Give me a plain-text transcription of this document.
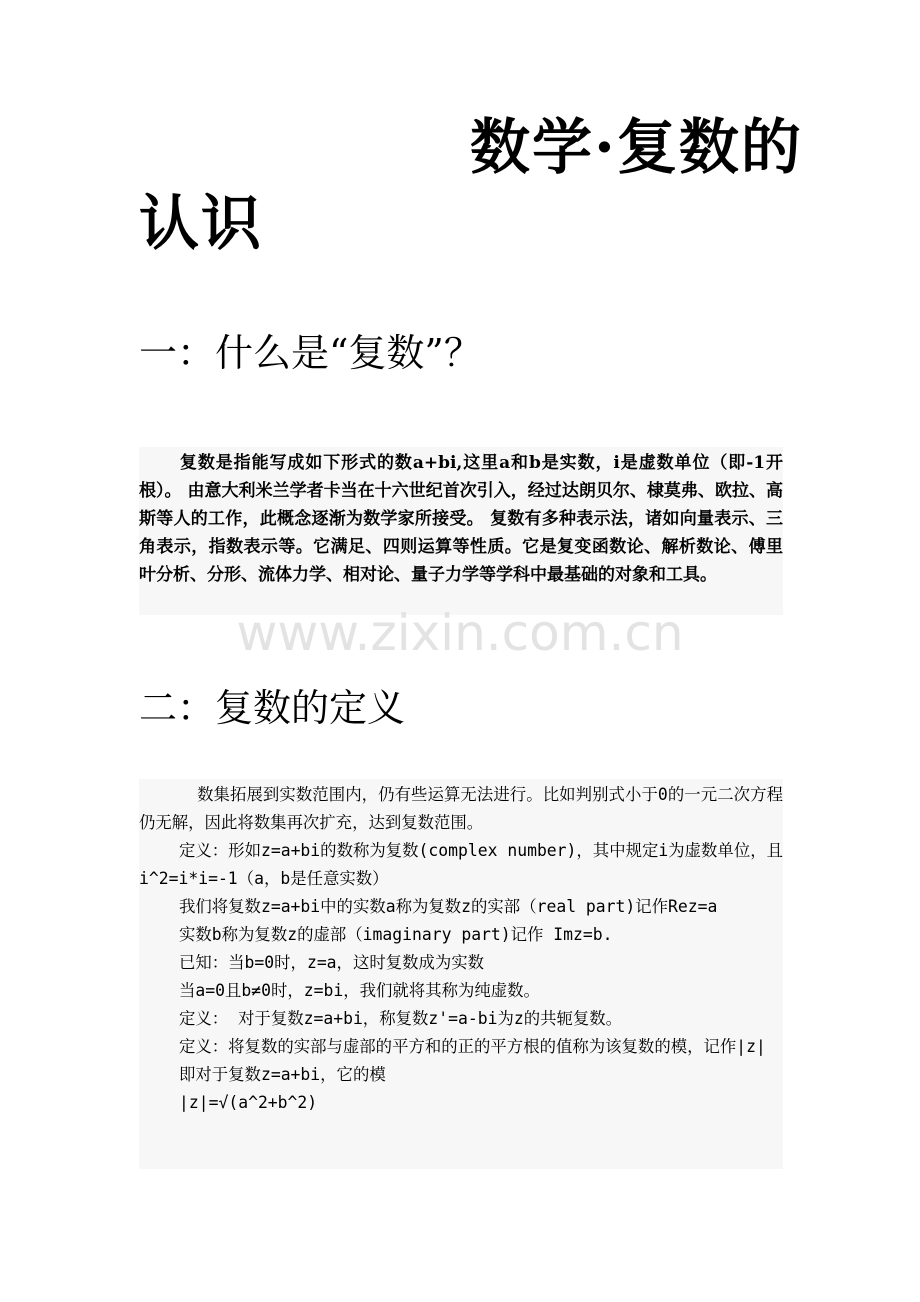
数学·复数的
认识
一：什么是“复数”？

复数是指能写成如下形式的数a+bi,这里a和b是实数，i是虚数单位（即-1开根）。 由意大利米兰学者卡当在十六世纪首次引入，经过达朗贝尔、棣莫弗、欧拉、高斯等人的工作，此概念逐渐为数学家所接受。 复数有多种表示法，诸如向量表示、三角表示，指数表示等。它满足、四则运算等性质。它是复变函数论、解析数论、傅里叶分析、分形、流体力学、相对论、量子力学等学科中最基础的对象和工具。

www.zixin.com.cn
二：复数的定义
数集拓展到实数范围内，仍有些运算无法进行。比如判别式小于0的一元二次方程仍无解，因此将数集再次扩充，达到复数范围。
定义：形如z=a+bi的数称为复数(complex number)，其中规定i为虚数单位，且i^2=i*i=-1（a，b是任意实数）
我们将复数z=a+bi中的实数a称为复数z的实部（real part)记作Rez=a
实数b称为复数z的虚部（imaginary part)记作 Imz=b.
已知：当b=0时，z=a，这时复数成为实数
当a=0且b≠0时，z=bi，我们就将其称为纯虚数。
定义： 对于复数z=a+bi，称复数z'=a-bi为z的共轭复数。
定义：将复数的实部与虚部的平方和的正的平方根的值称为该复数的模，记作∣z∣
即对于复数z=a+bi，它的模
∣z∣=√(a^2+b^2)
